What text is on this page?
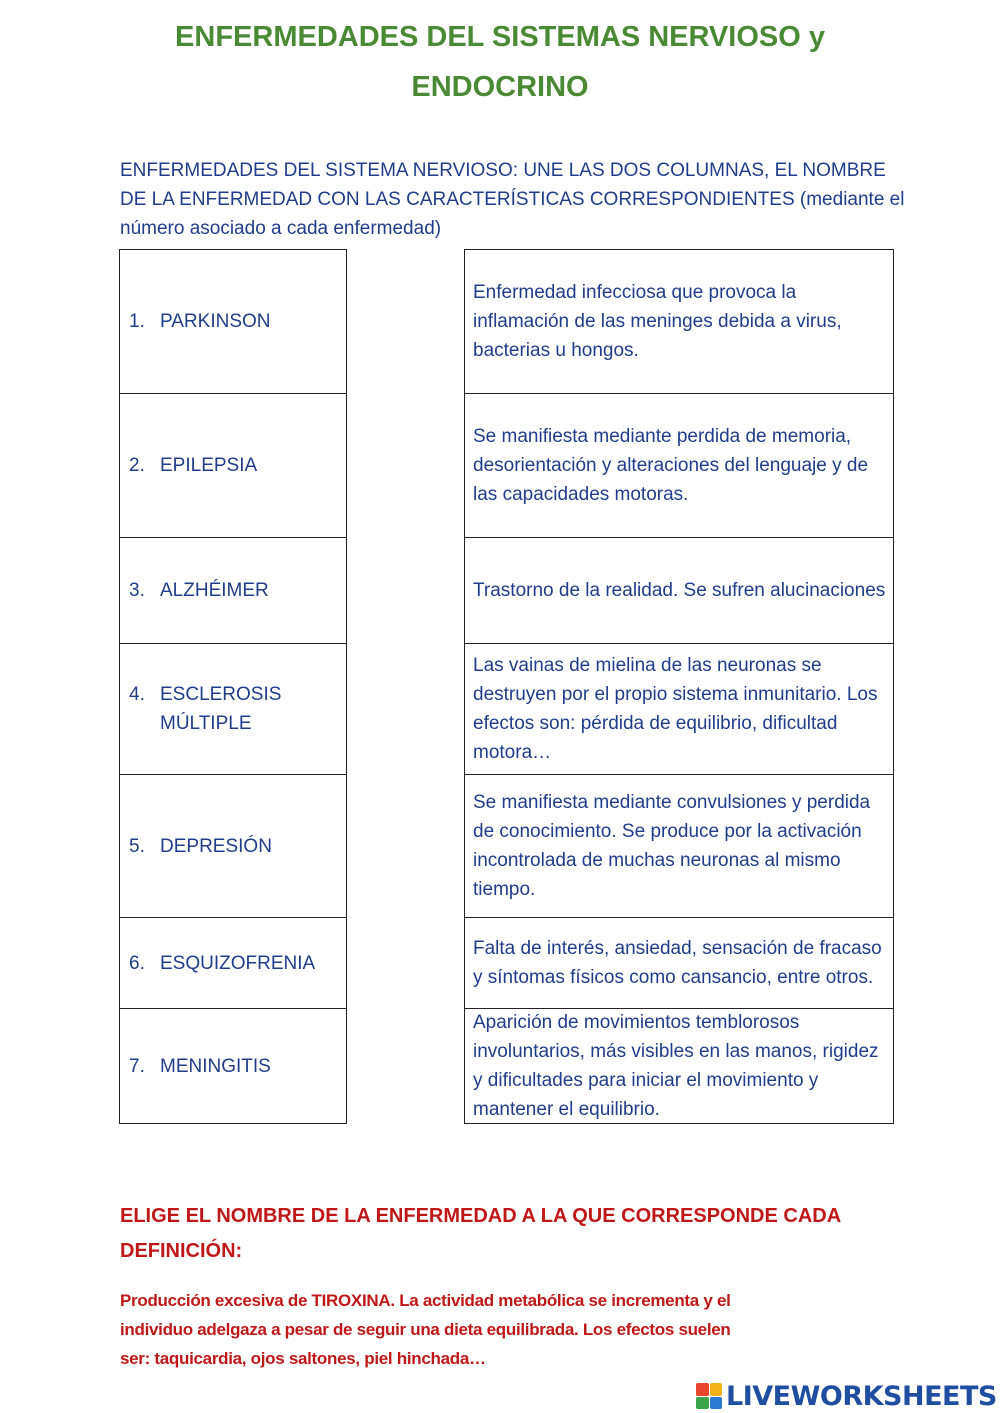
ENFERMEDADES DEL SISTEMAS NERVIOSO y
ENDOCRINO

ENFERMEDADES DEL SISTEMA NERVIOSO: UNE LAS DOS COLUMNAS, EL NOMBRE DE LA ENFERMEDAD CON LAS CARACTERÍSTICAS CORRESPONDIENTES (mediante el número asociado a cada enfermedad)

1. PARKINSON
2. EPILEPSIA
3. ALZHÉIMER
4. ESCLEROSIS MÚLTIPLE
5. DEPRESIÓN
6. ESQUIZOFRENIA
7. MENINGITIS
Enfermedad infecciosa que provoca la inflamación de las meninges debida a virus, bacterias u hongos.
Se manifiesta mediante perdida de memoria, desorientación y alteraciones del lenguaje y de las capacidades motoras.
Trastorno de la realidad. Se sufren alucinaciones
Las vainas de mielina de las neuronas se destruyen por el propio sistema inmunitario. Los efectos son: pérdida de equilibrio, dificultad motora…
Se manifiesta mediante convulsiones y perdida de conocimiento. Se produce por la activación incontrolada de muchas neuronas al mismo tiempo.
Falta de interés, ansiedad, sensación de fracaso y síntomas físicos como cansancio, entre otros.
Aparición de movimientos temblorosos involuntarios, más visibles en las manos, rigidez y dificultades para iniciar el movimiento y mantener el equilibrio.

ELIGE EL NOMBRE DE LA ENFERMEDAD A LA QUE CORRESPONDE CADA DEFINICIÓN:

Producción excesiva de TIROXINA. La actividad metabólica se incrementa y el individuo adelgaza a pesar de seguir una dieta equilibrada. Los efectos suelen ser: taquicardia, ojos saltones, piel hinchada…

LIVEWORKSHEETS
